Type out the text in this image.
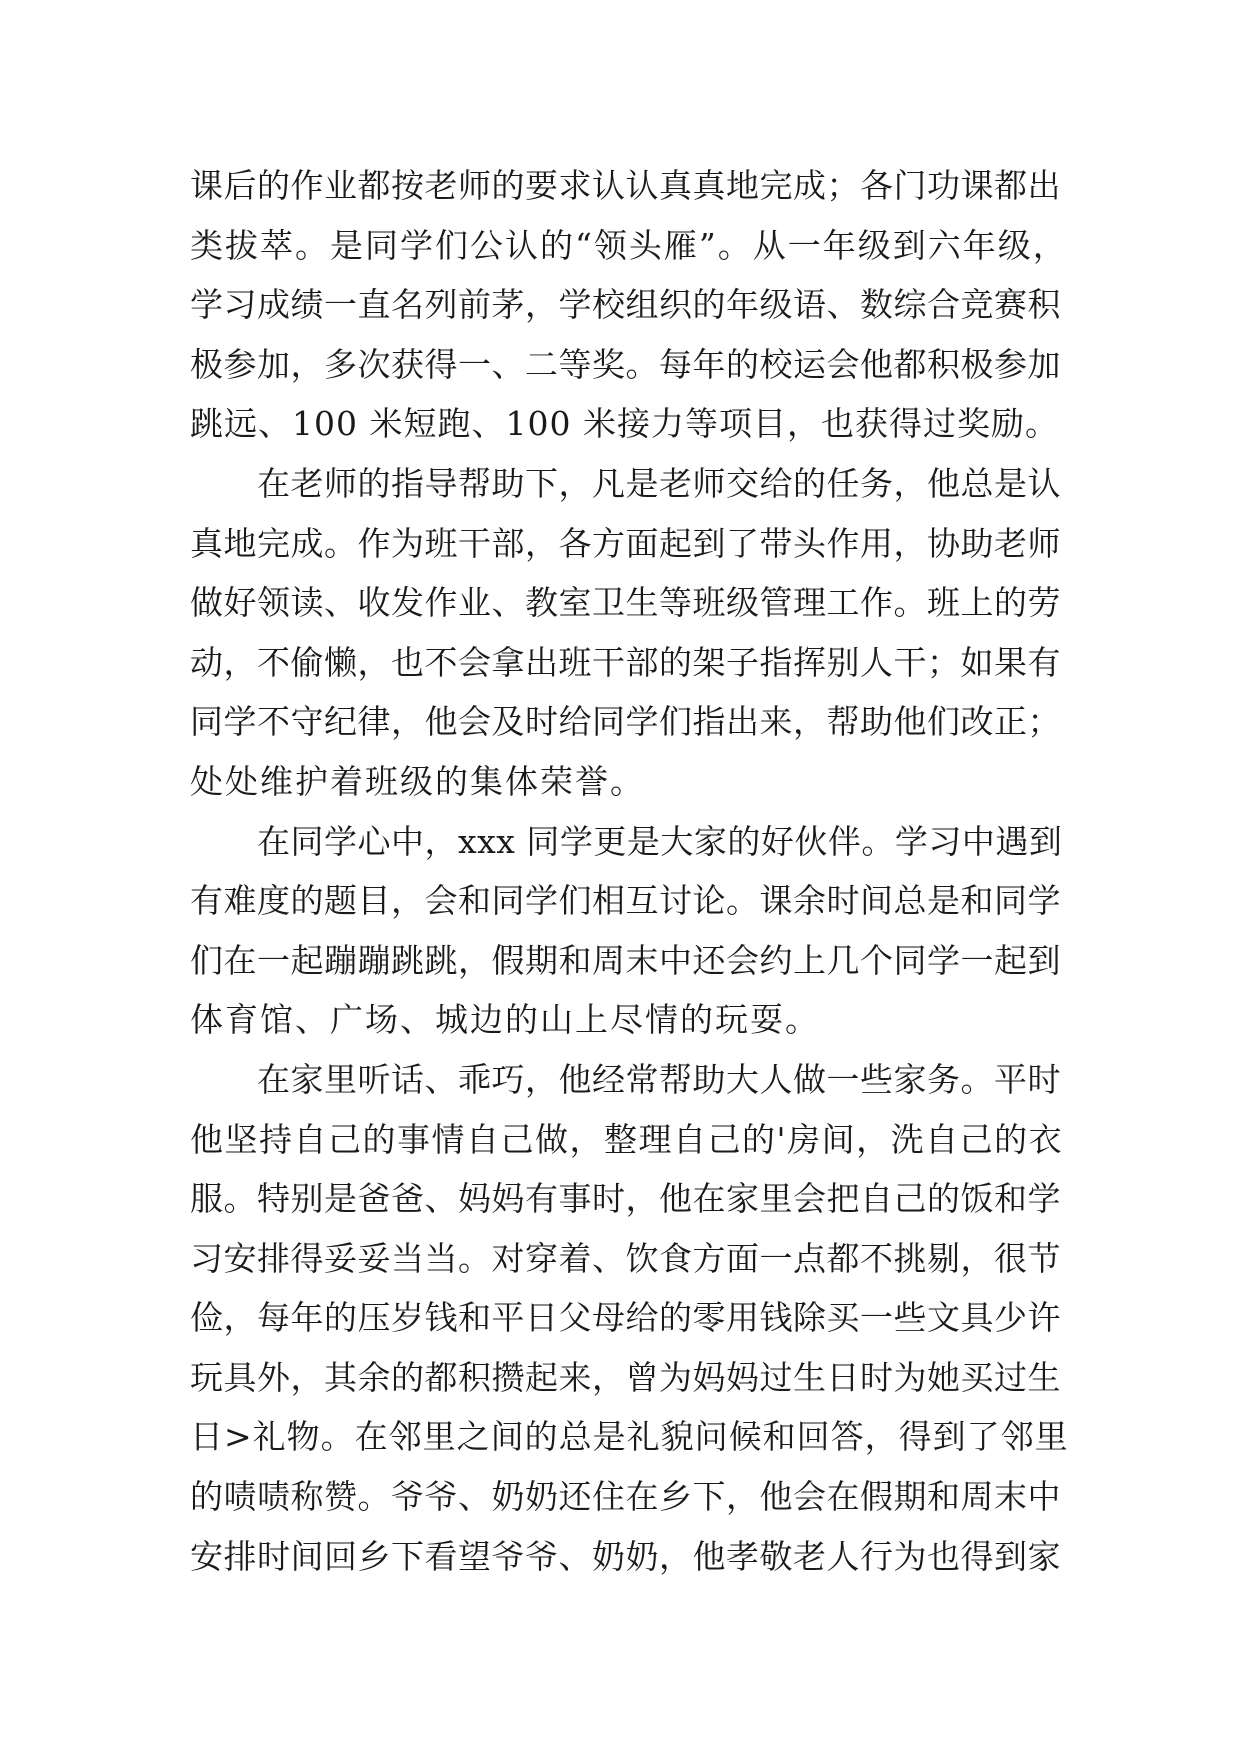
课后的作业都按老师的要求认认真真地完成；各门功课都出
类拔萃。是同学们公认的“领头雁”。从一年级到六年级，
学习成绩一直名列前茅，学校组织的年级语、数综合竞赛积
极参加，多次获得一、二等奖。每年的校运会他都积极参加
跳远、100 米短跑、100 米接力等项目，也获得过奖励。
在老师的指导帮助下，凡是老师交给的任务，他总是认
真地完成。作为班干部，各方面起到了带头作用，协助老师
做好领读、收发作业、教室卫生等班级管理工作。班上的劳
动，不偷懒，也不会拿出班干部的架子指挥别人干；如果有
同学不守纪律，他会及时给同学们指出来，帮助他们改正；
处处维护着班级的集体荣誉。
在同学心中，xxx 同学更是大家的好伙伴。学习中遇到
有难度的题目，会和同学们相互讨论。课余时间总是和同学
们在一起蹦蹦跳跳，假期和周末中还会约上几个同学一起到
体育馆、广场、城边的山上尽情的玩耍。
在家里听话、乖巧，他经常帮助大人做一些家务。平时
他坚持自己的事情自己做，整理自己的'房间，洗自己的衣
服。特别是爸爸、妈妈有事时，他在家里会把自己的饭和学
习安排得妥妥当当。对穿着、饮食方面一点都不挑剔，很节
俭，每年的压岁钱和平日父母给的零用钱除买一些文具少许
玩具外，其余的都积攒起来，曾为妈妈过生日时为她买过生
日>礼物。在邻里之间的总是礼貌问候和回答，得到了邻里
的啧啧称赞。爷爷、奶奶还住在乡下，他会在假期和周末中
安排时间回乡下看望爷爷、奶奶，他孝敬老人行为也得到家
